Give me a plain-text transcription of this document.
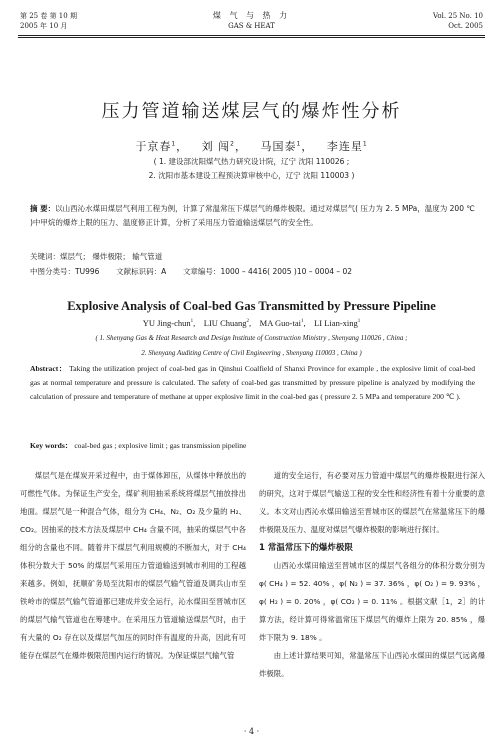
第 25 卷 第 10 期
2005 年 10 月
煤 气 与 热 力
GAS & HEAT
Vol. 25 No. 10
Oct. 2005
压力管道输送煤层气的爆炸性分析
于京春$^1$，   刘 闯$^2$，   马国泰$^1$，   李连星$^1$
( 1. 建设部沈阳煤气热力研究设计院，辽宁 沈阳 110026 ;
2. 沈阳市基本建设工程预决算审核中心，辽宁 沈阳 110003 )
摘 要：以山西沁水煤田煤层气利用工程为例，计算了常温常压下煤层气的爆炸极限。通过对煤层气( 压力为 2. 5 MPa，温度为 200 ℃ )中甲烷的爆炸上限的压力、温度修正计算，分析了采用压力管道输送煤层气的安全性。
关键词：煤层气； 爆炸极限； 输气管道
中图分类号：TU996 文献标识码：A 文章编号：1000 – 4416( 2005 )10 – 0004 – 02
Explosive Analysis of Coal-bed Gas Transmitted by Pressure Pipeline
YU Jing-chun$^1$,    LIU Chuang$^2$,    MA Guo-tai$^1$,    LI Lian-xing$^1$
( 1. Shenyang Gas & Heat Research and Design Institute of Construction Ministry , Shenyang 110026 , China ;
2. Shenyang Auditing Centre of Civil Engineering , Shenyang 110003 , China )
Abstract： Taking the utilization project of coal-bed gas in Qinshui Coalfield of Shanxi Province for example , the explosive limit of coal-bed gas at normal temperature and pressure is calculated. The safety of coal-bed gas transmitted by pressure pipeline is analyzed by modifying the calculation of pressure and temperature of methane at upper explosive limit in the coal-bed gas ( pressure 2. 5 MPa and temperature 200 ℃ ).
Key words： coal-bed gas ; explosive limit ; gas transmission pipeline

煤层气是在煤炭开采过程中，由于煤体卸压，从煤体中释放出的可燃性气体。为保证生产安全，煤矿利用抽采系统将煤层气抽放排出地面。煤层气是一种混合气体，组分为 CH₄、N₂、O₂ 及少量的 H₂、CO₂。因抽采的技术方法及煤层中 CH₄ 含量不同，抽采的煤层气中各组分的含量也不同。随着井下煤层气利用规模的不断加大，对于 CH₄ 体积分数大于 50% 的煤层气采用压力管道输送到城市利用的工程越来越多。例如，抚顺矿务局至沈阳市的煤层气输气管道及调兵山市至铁岭市的煤层气输气管道都已建成并安全运行，沁水煤田至晋城市区的煤层气输气管道也在筹建中。在采用压力管道输送煤层气时，由于有大量的 O₂ 存在以及煤层气加压的同时伴有温度的升高，因此有可能存在煤层气在爆炸极限范围内运行的情况。为保证煤层气输气管

道的安全运行，有必要对压力管道中煤层气的爆炸极限进行深入的研究，这对于煤层气输送工程的安全性和经济性有着十分重要的意义。本文对山西沁水煤田输送至晋城市区的煤层气在常温常压下的爆炸极限及压力、温度对煤层气爆炸极限的影响进行探讨。

1 常温常压下的爆炸极限

山西沁水煤田输送至晋城市区的煤层气各组分的体积分数分别为 φ( CH₄ ) = 52. 40% ，φ( N₂ ) = 37. 36% ，φ( O₂ ) = 9. 93% ，φ( H₂ ) = 0. 20% ，φ( CO₂ ) = 0. 11% 。根据文献［1，2］的计算方法，经计算可得常温常压下煤层气的爆炸上限为 20. 85% ，爆炸下限为 9. 18% 。

由上述计算结果可知，常温常压下山西沁水煤田的煤层气远离爆炸极限。

· 4 ·
